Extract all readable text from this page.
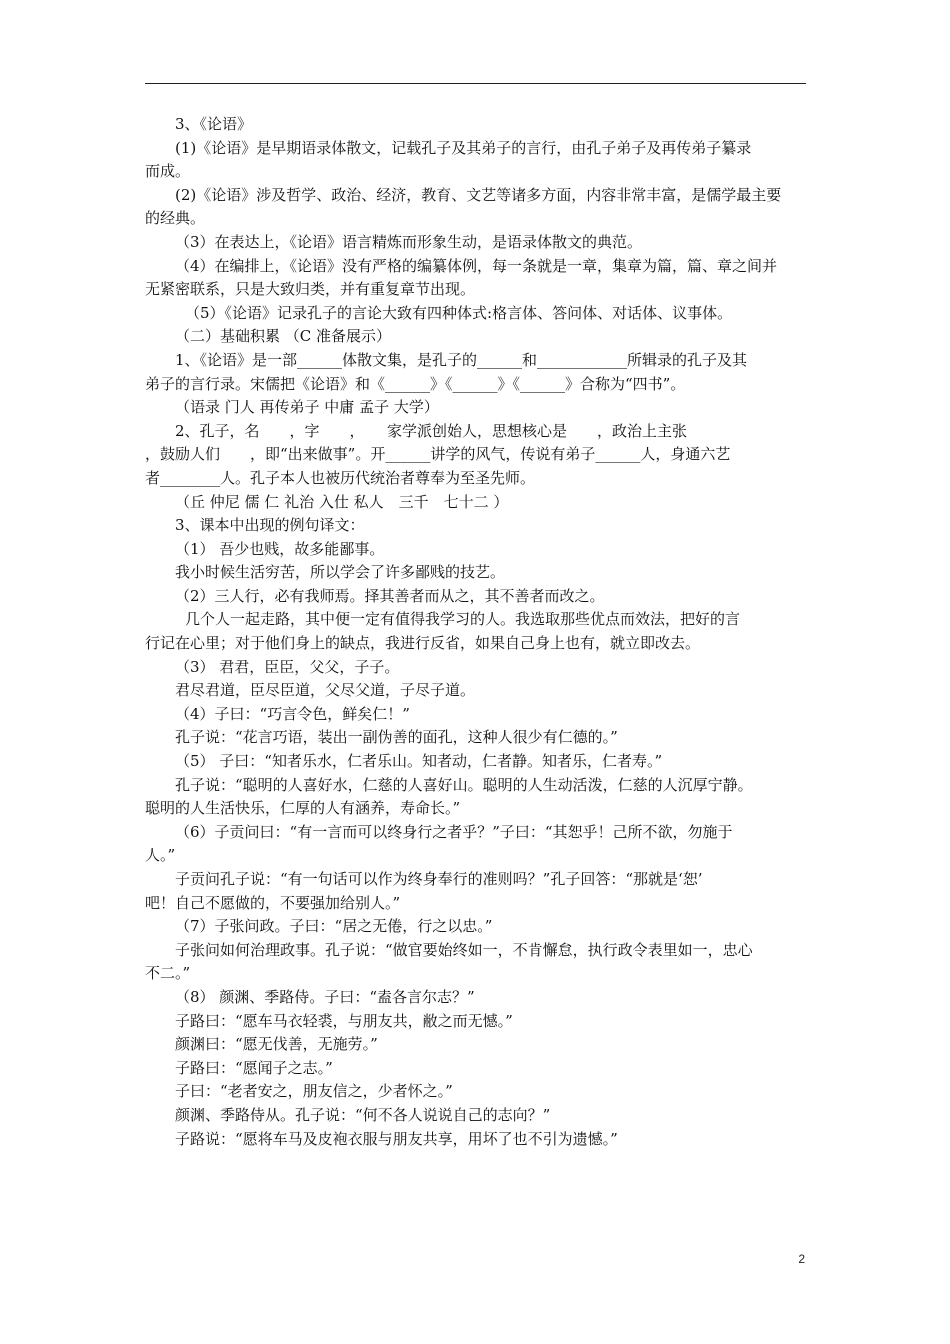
3、《论语》
(1)《论语》是早期语录体散文，记载孔子及其弟子的言行，由孔子弟子及再传弟子纂录
而成。
(2)《论语》涉及哲学、政治、经济，教育、文艺等诸多方面，内容非常丰富，是儒学最主要
的经典。
（3）在表达上，《论语》语言精炼而形象生动，是语录体散文的典范。
（4）在编排上，《论语》没有严格的编纂体例，每一条就是一章，集章为篇，篇、章之间并
无紧密联系，只是大致归类，并有重复章节出现。
（5）《论语》记录孔子的言论大致有四种体式:格言体、答问体、对话体、议事体。
（二）基础积累 （C 准备展示）
1、《论语》是一部______体散文集，是孔子的______和____________所辑录的孔子及其
弟子的言行录。宋儒把《论语》和《______》《______》《______》合称为“四书”。
（语录 门人 再传弟子 中庸 孟子 大学）
2、孔子，名　　，字　　，　　家学派创始人，思想核心是　　，政治上主张
，鼓励人们　　，即“出来做事”。开______讲学的风气，传说有弟子______人，身通六艺
者________人。孔子本人也被历代统治者尊奉为至圣先师。
（丘 仲尼 儒 仁 礼治 入仕 私人　三千　七十二 ）
3、课本中出现的例句译文：
（1） 吾少也贱，故多能鄙事。
我小时候生活穷苦，所以学会了许多鄙贱的技艺。
（2）三人行，必有我师焉。择其善者而从之，其不善者而改之。
几个人一起走路，其中便一定有值得我学习的人。我选取那些优点而效法，把好的言
行记在心里；对于他们身上的缺点，我进行反省，如果自己身上也有，就立即改去。
（3） 君君，臣臣，父父，子子。
君尽君道，臣尽臣道，父尽父道，子尽子道。
（4）子曰：“巧言令色，鲜矣仁！”
孔子说：“花言巧语，装出一副伪善的面孔，这种人很少有仁德的。”
（5） 子曰：“知者乐水，仁者乐山。知者动，仁者静。知者乐，仁者寿。”
孔子说：“聪明的人喜好水，仁慈的人喜好山。聪明的人生动活泼，仁慈的人沉厚宁静。
聪明的人生活快乐，仁厚的人有涵养，寿命长。”
（6）子贡问曰：“有一言而可以终身行之者乎？”子曰：“其恕乎！己所不欲，勿施于
人。”
子贡问孔子说：“有一句话可以作为终身奉行的准则吗？”孔子回答：“那就是‘恕’
吧！自己不愿做的，不要强加给别人。”
（7）子张问政。子曰：“居之无倦，行之以忠。”
子张问如何治理政事。孔子说：“做官要始终如一，不肯懈怠，执行政令表里如一，忠心
不二。”
（8） 颜渊、季路侍。子曰：“盍各言尔志？”
子路曰：“愿车马衣轻裘，与朋友共，敝之而无憾。”
颜渊曰：“愿无伐善，无施劳。”
子路曰：“愿闻子之志。”
子曰：“老者安之，朋友信之，少者怀之。”
颜渊、季路侍从。孔子说：“何不各人说说自己的志向？”
子路说：“愿将车马及皮袍衣服与朋友共享，用坏了也不引为遗憾。”
2
